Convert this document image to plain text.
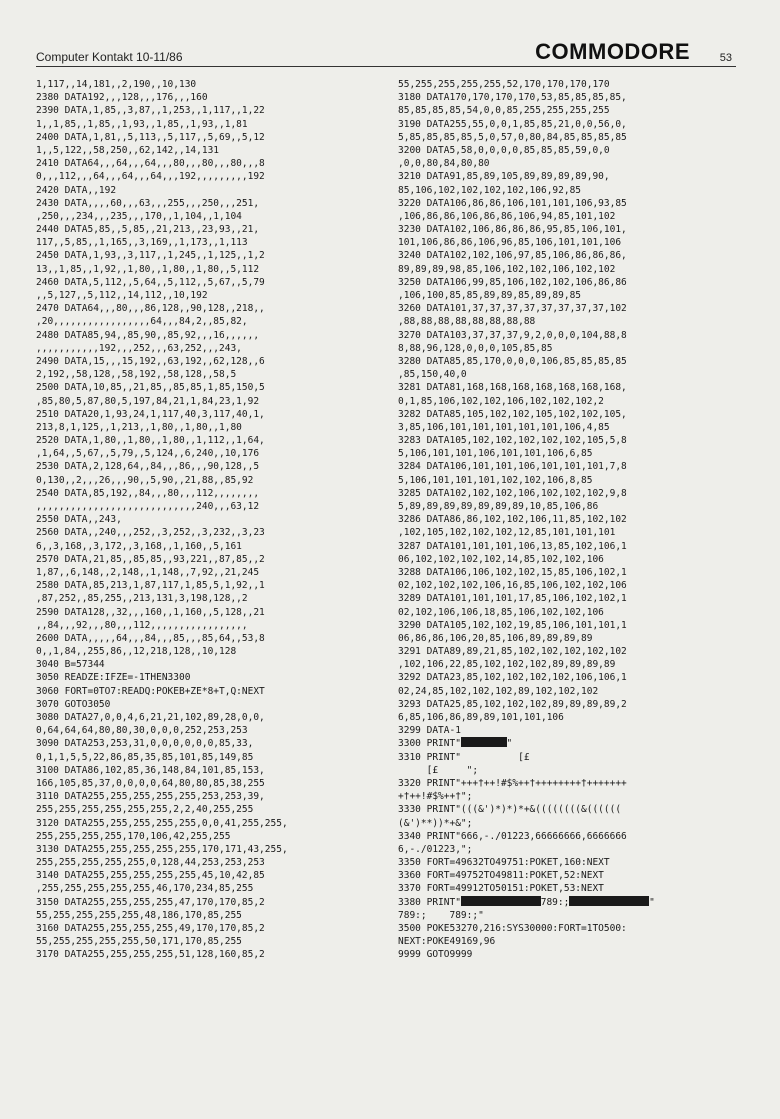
Computer Kontakt 10-11/86	COMMODORE	53
1,117,,14,181,,2,190,,10,130
2380 DATA192,,,128,,,176,,,160
2390 DATA,1,85,,3,87,,1,253,,1,117,,1,22
1,,1,85,,1,85,,1,93,,1,85,,1,93,,1,81
2400 DATA,1,81,,5,113,,5,117,,5,69,,5,12
1,,5,122,,58,250,,62,142,,14,131
2410 DATA64,,,64,,,64,,,80,,,80,,,80,,,8
0,,,112,,,64,,,64,,,64,,,192,,,,,,,,,192
2420 DATA,,192
2430 DATA,,,,60,,,63,,,255,,,250,,,251,
,250,,,234,,,235,,,170,,1,104,,1,104
2440 DATA5,85,,5,85,,21,213,,23,93,,21,
117,,5,85,,1,165,,3,169,,1,173,,1,113
2450 DATA,1,93,,3,117,,1,245,,1,125,,1,2
13,,1,85,,1,92,,1,80,,1,80,,1,80,,5,112
2460 DATA,5,112,,5,64,,5,112,,5,67,,5,79
,,5,127,,5,112,,14,112,,10,192
2470 DATA64,,,80,,,86,128,,90,128,,218,,
,20,,,,,,,,,,,,,,,,,64,,,84,2,,85,82,
2480 DATA85,94,,85,90,,85,92,,,16,,,,,,
,,,,,,,,,,,192,,,252,,,63,252,,,243,
2490 DATA,15,,,15,192,,63,192,,62,128,,6
2,192,,58,128,,58,192,,58,128,,58,5
2500 DATA,10,85,,21,85,,85,85,1,85,150,5
,85,80,5,87,80,5,197,84,21,1,84,23,1,92
2510 DATA20,1,93,24,1,117,40,3,117,40,1,
213,8,1,125,,1,213,,1,80,,1,80,,1,80
2520 DATA,1,80,,1,80,,1,80,,1,112,,1,64,
,1,64,,5,67,,5,79,,5,124,,6,240,,10,176
2530 DATA,2,128,64,,84,,,86,,,90,128,,5
0,130,,2,,,26,,,90,,5,90,,21,88,,85,92
2540 DATA,85,192,,84,,,80,,,112,,,,,,,,
,,,,,,,,,,,,,,,,,,,,,,,,,,,,240,,,63,12
2550 DATA,,243,
2560 DATA,,240,,,252,,3,252,,3,232,,3,23
6,,3,168,,3,172,,3,168,,1,160,,5,161
2570 DATA,21,85,,85,85,,93,221,,87,85,,2
1,87,,6,148,,2,148,,1,148,,7,92,,21,245
2580 DATA,85,213,1,87,117,1,85,5,1,92,,1
,87,252,,85,255,,213,131,3,198,128,,2
2590 DATA128,,32,,,160,,1,160,,5,128,,21
,,84,,,92,,,80,,,112,,,,,,,,,,,,,,,,,
2600 DATA,,,,,64,,,84,,,85,,,85,64,,53,8
0,,1,84,,255,86,,12,218,128,,10,128
3040 B=57344
3050 READZE:IFZE=-1THEN3300
3060 FORT=0TO7:READQ:POKEB+ZE*8+T,Q:NEXT
3070 GOTO3050
3080 DATA27,0,0,4,6,21,21,102,89,28,0,0,
0,64,64,64,80,80,30,0,0,0,252,253,253
3090 DATA253,253,31,0,0,0,0,0,0,85,33,
0,1,1,5,5,22,86,85,35,85,101,85,149,85
3100 DATA86,102,85,36,148,84,101,85,153,
166,105,85,37,0,0,0,0,64,80,80,85,38,255
3110 DATA255,255,255,255,255,253,253,39,
255,255,255,255,255,255,2,2,40,255,255
3120 DATA255,255,255,255,255,0,0,41,255,255,
255,255,255,255,170,106,42,255,255
3130 DATA255,255,255,255,255,170,171,43,255,
255,255,255,255,255,0,128,44,253,253,253
3140 DATA255,255,255,255,255,45,10,42,85
,255,255,255,255,255,46,170,234,85,255
3150 DATA255,255,255,255,47,170,170,85,2
55,255,255,255,255,48,186,170,85,255
3160 DATA255,255,255,255,49,170,170,85,2
55,255,255,255,255,50,171,170,85,255
3170 DATA255,255,255,255,51,128,160,85,2
55,255,255,255,255,52,170,170,170,170
3180 DATA170,170,170,170,53,85,85,85,85,
85,85,85,85,54,0,0,85,255,255,255,255
3190 DATA255,55,0,0,1,85,85,21,0,0,56,0,
5,85,85,85,85,5,0,57,0,80,84,85,85,85,85
3200 DATA5,58,0,0,0,0,85,85,85,59,0,0
,0,0,80,84,80,80
3210 DATA91,85,89,105,89,89,89,89,90,
85,106,102,102,102,102,106,92,85
3220 DATA106,86,86,106,101,101,106,93,85
,106,86,86,106,86,86,106,94,85,101,102
3230 DATA102,106,86,86,86,95,85,106,101,
101,106,86,86,106,96,85,106,101,101,106
3240 DATA102,102,106,97,85,106,86,86,86,
89,89,89,98,85,106,102,102,106,102,102
3250 DATA106,99,85,106,102,102,106,86,86
,106,100,85,85,89,89,85,89,89,85
3260 DATA101,37,37,37,37,37,37,37,37,102
,88,88,88,88,88,88,88,88
3270 DATA103,37,37,37,9,2,0,0,0,104,88,8
8,88,96,128,0,0,0,105,85,85
3280 DATA85,85,170,0,0,0,106,85,85,85,85
,85,150,40,0
3281 DATA81,168,168,168,168,168,168,168,
0,1,85,106,102,102,106,102,102,102,2
3282 DATA85,105,102,102,105,102,102,105,
3,85,106,101,101,101,101,101,106,4,85
3283 DATA105,102,102,102,102,102,105,5,8
5,106,101,101,106,101,101,106,6,85
3284 DATA106,101,101,106,101,101,101,7,8
5,106,101,101,101,102,102,106,8,85
3285 DATA102,102,102,106,102,102,102,9,8
5,89,89,89,89,89,89,89,10,85,106,86
3286 DATA86,86,102,102,106,11,85,102,102
,102,105,102,102,102,12,85,101,101,101
3287 DATA101,101,101,106,13,85,102,106,1
06,102,102,102,102,14,85,102,102,106
3288 DATA106,106,102,102,15,85,106,102,1
02,102,102,102,106,16,85,106,102,102,106
3289 DATA101,101,101,17,85,106,102,102,1
02,102,106,106,18,85,106,102,102,106
3290 DATA105,102,102,19,85,106,101,101,1
06,86,86,106,20,85,106,89,89,89,89
3291 DATA89,89,21,85,102,102,102,102,102
,102,106,22,85,102,102,102,89,89,89,89
3292 DATA23,85,102,102,102,102,106,106,1
02,24,85,102,102,102,89,102,102,102
3293 DATA25,85,102,102,102,89,89,89,89,2
6,85,106,86,89,89,101,101,106
3299 DATA-1
3300 PRINT"	"
3310 PRINT"          [£
[£     ";
3320 PRINT"+++†++!#$%++†++++++++†+++++++
+†++!#$%++†";
3330 PRINT"(((&')*)*)*+&((((((((&((((((
(&')**))*+&";
3340 PRINT"666,-./01223,66666666,6666666
6,-./01223,";
3350 FORT=49632TO49751:POKET,160:NEXT
3360 FORT=49752TO49811:POKET,52:NEXT
3370 FORT=49912TO50151:POKET,53:NEXT
3380 PRINT"	789:;	"
789:;    789:;"
3500 POKE53270,216:SYS30000:FORT=1TO500:
NEXT:POKE49169,96
9999 GOTO9999
